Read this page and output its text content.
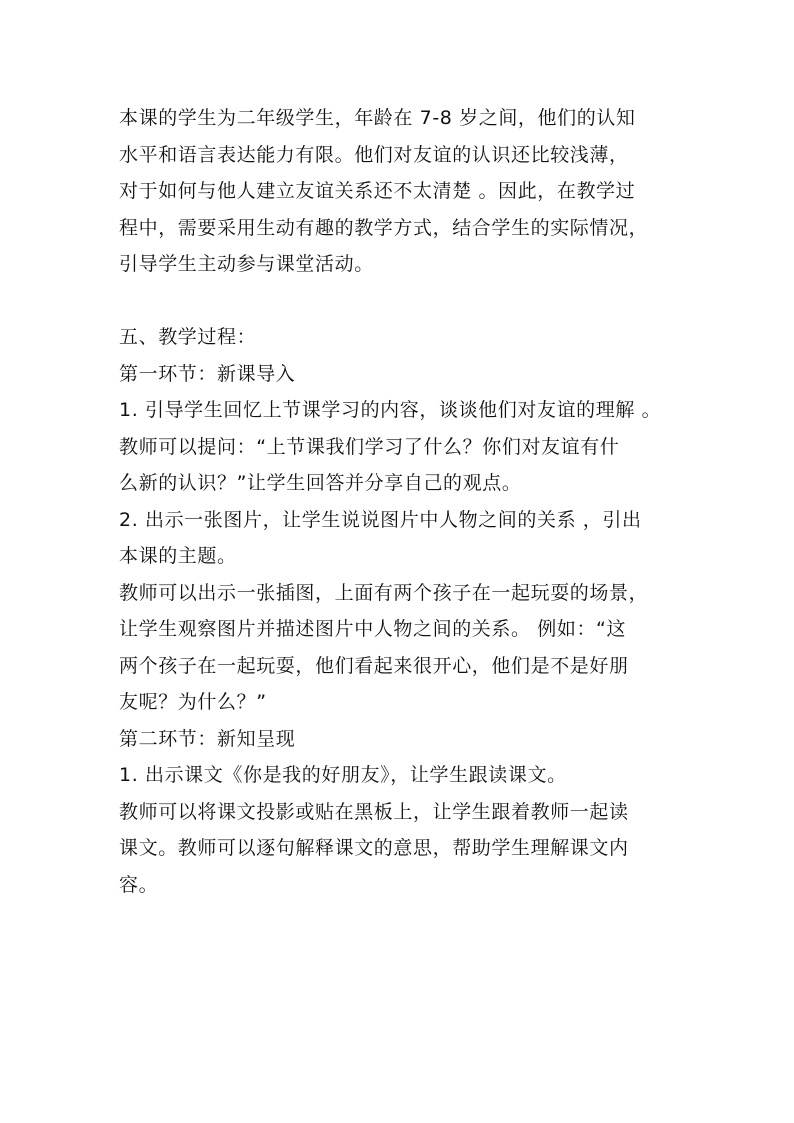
本课的学生为二年级学生，年龄在 7-8 岁之间，他们的认知
水平和语言表达能力有限。他们对友谊的认识还比较浅薄，
对于如何与他人建立友谊关系还不太清楚 。因此，在教学过
程中，需要采用生动有趣的教学方式，结合学生的实际情况，
引导学生主动参与课堂活动。
五、教学过程：
第一环节：新课导入
1. 引导学生回忆上节课学习的内容，谈谈他们对友谊的理解 。
教师可以提问：“上节课我们学习了什么？你们对友谊有什
么新的认识？”让学生回答并分享自己的观点。
2. 出示一张图片，让学生说说图片中人物之间的关系 ，引出
本课的主题。
教师可以出示一张插图，上面有两个孩子在一起玩耍的场景，
让学生观察图片并描述图片中人物之间的关系。 例如：“这
两个孩子在一起玩耍，他们看起来很开心，他们是不是好朋
友呢？为什么？”
第二环节：新知呈现
1. 出示课文《你是我的好朋友》，让学生跟读课文。
教师可以将课文投影或贴在黑板上，让学生跟着教师一起读
课文。教师可以逐句解释课文的意思，帮助学生理解课文内
容。
